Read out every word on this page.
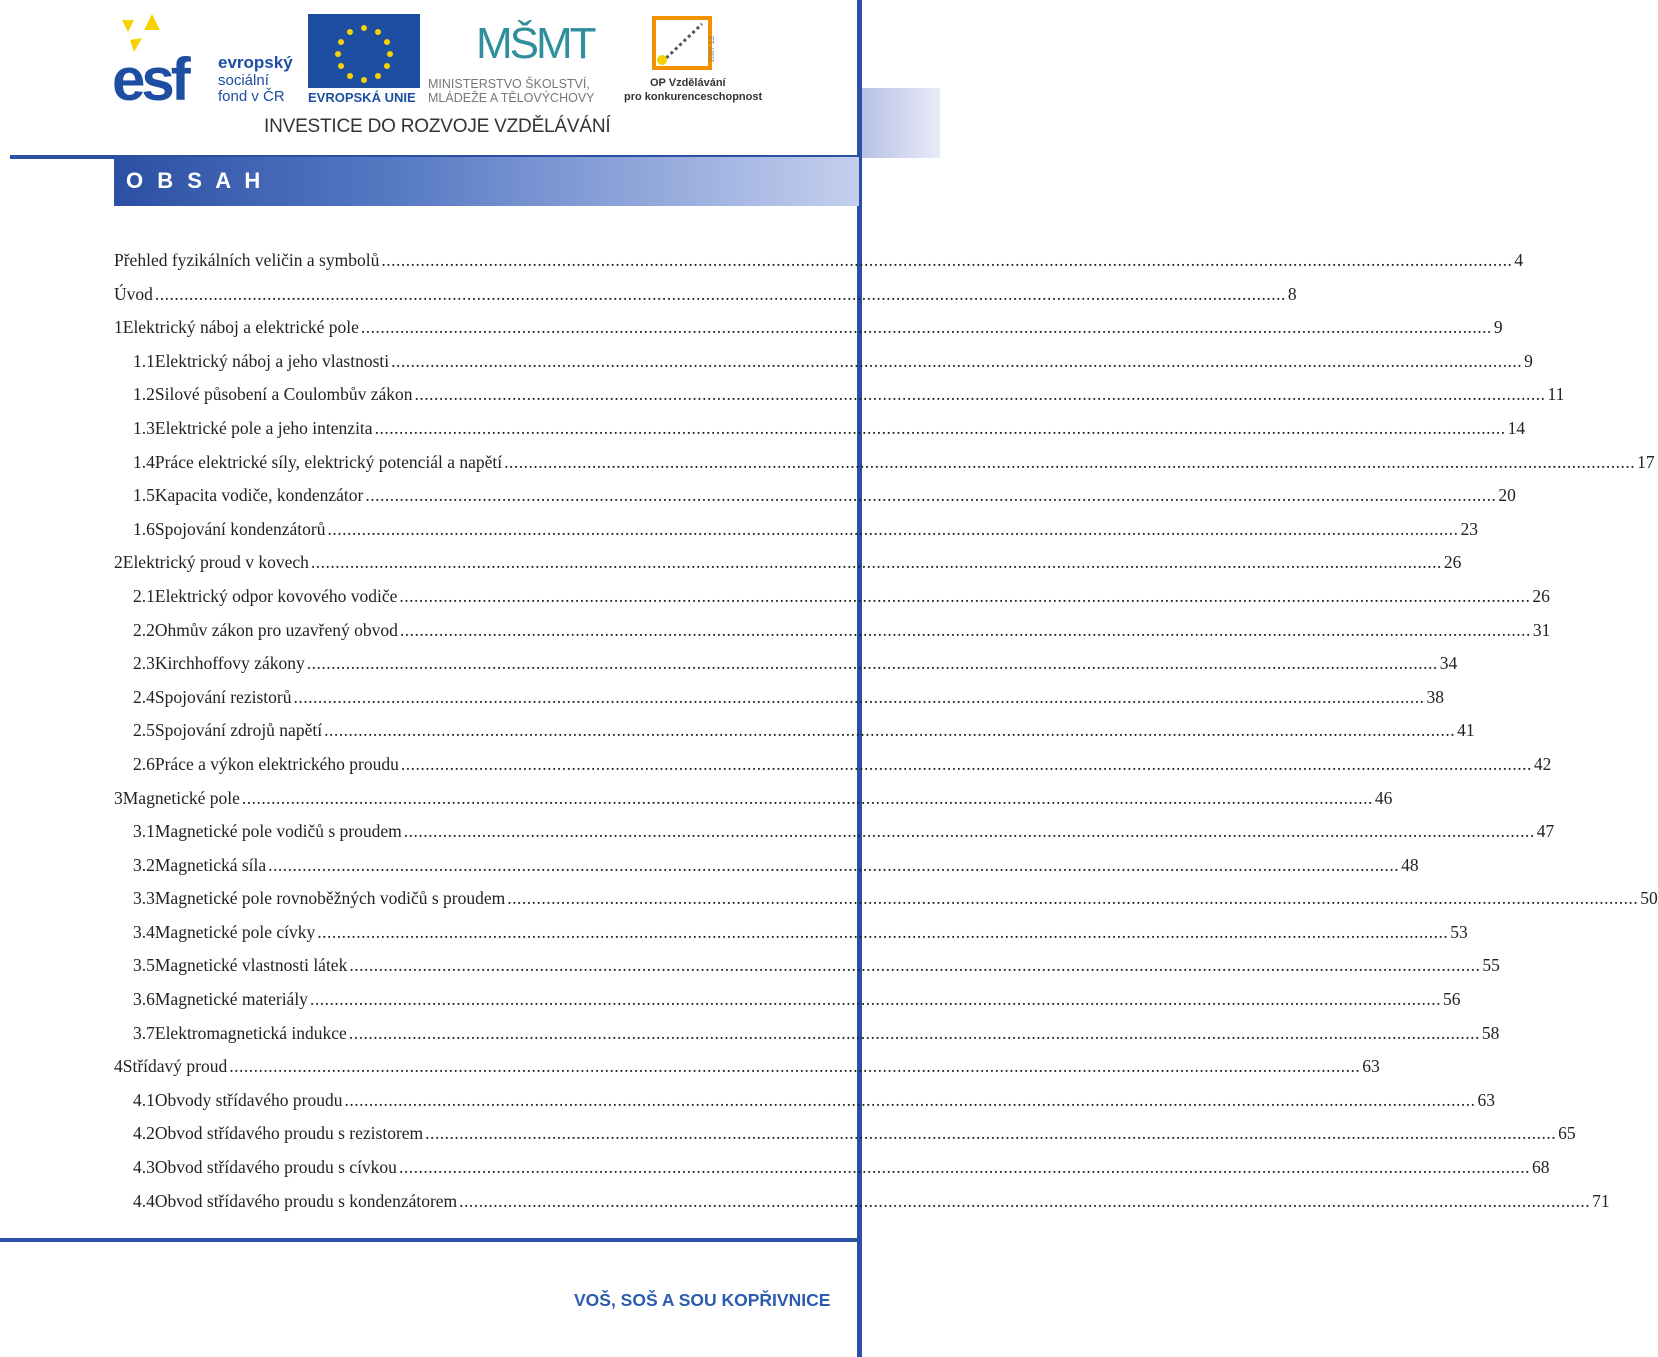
esf evropský
sociální
fond v ČR EVROPSKÁ UNIE
MŠMT
MINISTERSTVO ŠKOLSTVÍ,
MLÁDEŽE A TĚLOVÝCHOVY
2007-13
OP Vzdělávání
pro konkurenceschopnost
INVESTICE DO ROZVOJE VZDĚLÁVÁNÍ
O B S A H
Přehled fyzikálních veličin a symbolů .....	4
Úvod .....	8
1 Elektrický náboj a elektrické pole .....	9
1.1 Elektrický náboj a jeho vlastnosti .....	9
1.2 Silové působení a Coulombův zákon .....	11
1.3 Elektrické pole a jeho intenzita .....	14
1.4 Práce elektrické síly, elektrický potenciál a napětí .....	17
1.5 Kapacita vodiče, kondenzátor .....	20
1.6 Spojování kondenzátorů .....	23
2 Elektrický proud v kovech .....	26
2.1 Elektrický odpor kovového vodiče .....	26
2.2 Ohmův zákon pro uzavřený obvod .....	31
2.3 Kirchhoffovy zákony .....	34
2.4 Spojování rezistorů .....	38
2.5 Spojování zdrojů napětí .....	41
2.6 Práce a výkon elektrického proudu .....	42
3 Magnetické pole .....	46
3.1 Magnetické pole vodičů s proudem .....	47
3.2 Magnetická síla .....	48
3.3 Magnetické pole rovnoběžných vodičů s proudem .....	50
3.4 Magnetické pole cívky .....	53
3.5 Magnetické vlastnosti látek .....	55
3.6 Magnetické materiály .....	56
3.7 Elektromagnetická indukce .....	58
4 Střídavý proud .....	63
4.1 Obvody střídavého proudu .....	63
4.2 Obvod střídavého proudu s rezistorem .....	65
4.3 Obvod střídavého proudu s cívkou .....	68
4.4 Obvod střídavého proudu s kondenzátorem .....	71
VOŠ, SOŠ A SOU KOPŘIVNICE
